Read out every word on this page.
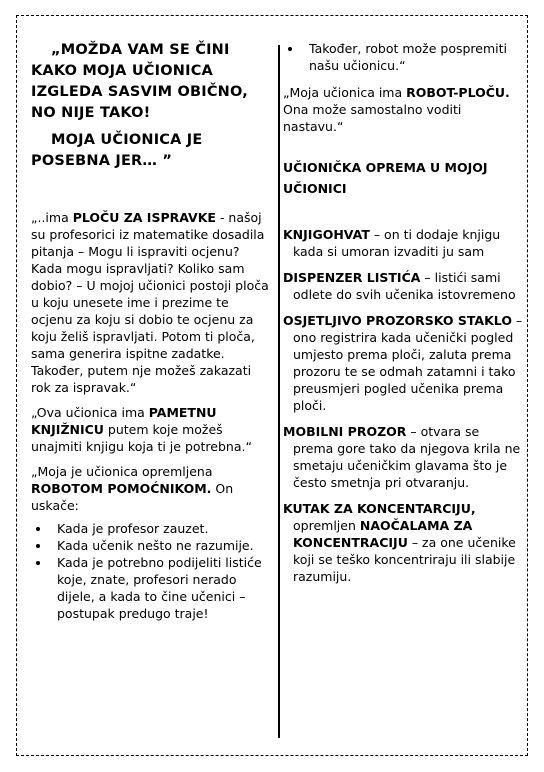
„MOŽDA VAM SE ČINI KAKO MOJA UČIONICA IZGLEDA SASVIM OBIČNO, NO NIJE TAKO!

MOJA UČIONICA JE POSEBNA JER… ”

„..ima PLOČU ZA ISPRAVKE - našoj su profesorici iz matematike dosadila pitanja – Mogu li ispraviti ocjenu? Kada mogu ispravljati? Koliko sam dobio? – U mojoj učionici postoji ploča u koju unesete ime i prezime te ocjenu za koju si dobio te ocjenu za koju želiš ispravljati. Potom ti ploča, sama generira ispitne zadatke. Također, putem nje možeš zakazati rok za ispravak.“

„Ova učionica ima PAMETNU KNJIŽNICU putem koje možeš unajmiti knjigu koja ti je potrebna.“

„Moja je učionica opremljena ROBOTOM POMOĆNIKOM. On uskače:

• Kada je profesor zauzet.
• Kada učenik nešto ne razumije.
• Kada je potrebno podijeliti listiće koje, znate, profesori nerado dijele, a kada to čine učenici – postupak predugo traje!
• Također, robot može pospremiti našu učionicu.“

„Moja učionica ima ROBOT-PLOČU. Ona može samostalno voditi nastavu.“

UČIONIČKA OPREMA U MOJOJ UČIONICI

KNJIGOHVAT – on ti dodaje knjigu kada si umoran izvaditi ju sam

DISPENZER LISTIĆA – listići sami odlete do svih učenika istovremeno

OSJETLJIVO PROZORSKO STAKLO – ono registrira kada učenički pogled umjesto prema ploči, zaluta prema prozoru te se odmah zatamni i tako preusmjeri pogled učenika prema ploči.

MOBILNI PROZOR – otvara se prema gore tako da njegova krila ne smetaju učeničkim glavama što je često smetnja pri otvaranju.

KUTAK ZA KONCENTARCIJU, opremljen NAOČALAMA ZA KONCENTRACIJU – za one učenike koji se teško koncentriraju ili slabije razumiju.
